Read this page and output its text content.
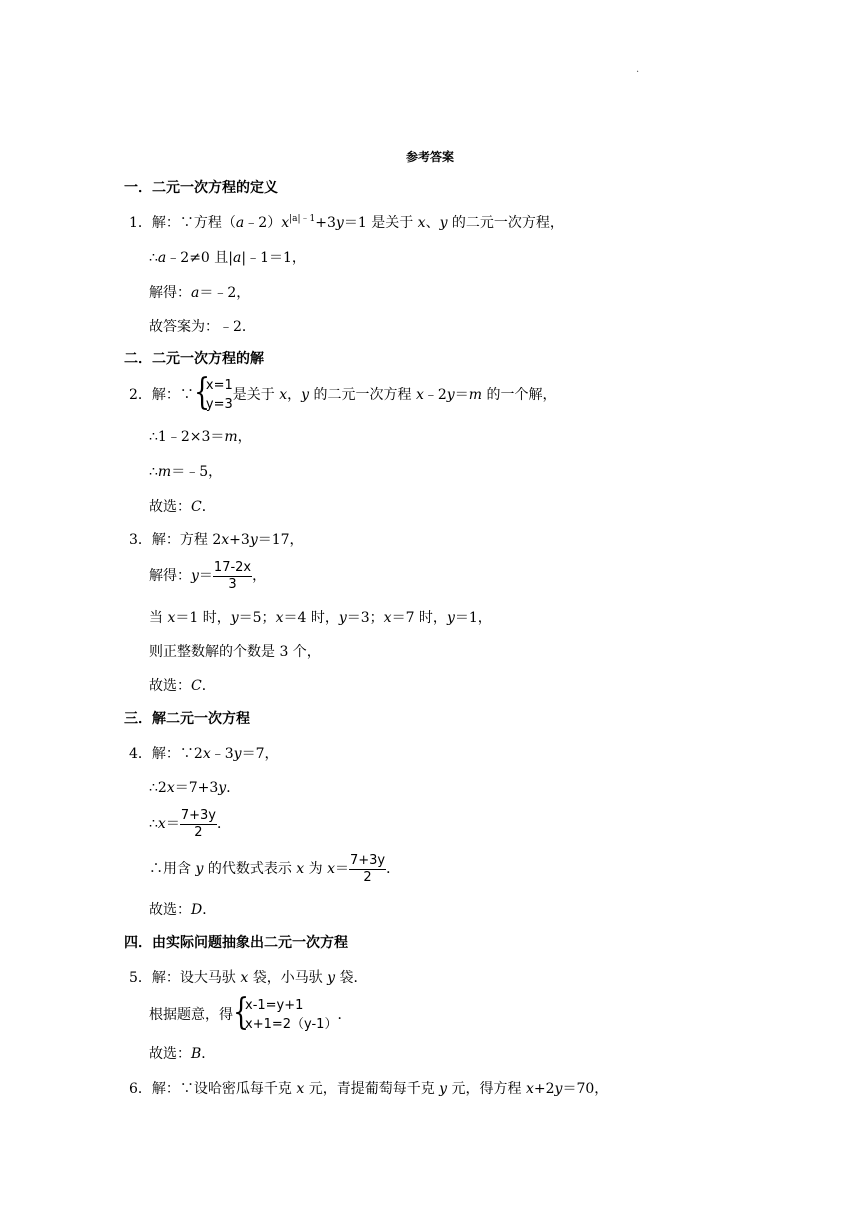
.
参考答案
一．二元一次方程的定义
1．解：∵方程$(a﹣2)x^{|a|﹣1}+3y=1$ 是关于 x、y 的二元一次方程，
∴a﹣2≠0 且|a|﹣1＝1，
解得：a＝﹣2，
故答案为：﹣2．
二．二元一次方程的解
2．解：∵ {
x=1
y=3
是关于 x，y 的二元一次方程 x﹣2y＝m 的一个解，
∴1﹣2×3＝m，
∴m＝﹣5，
故选：C．
3．解：方程 2x+3y＝17，
解得：$y= \frac{17-2x}{3}$ ，
当 x＝1 时，y＝5；x＝4 时，y＝3；x＝7 时，y＝1，
则正整数解的个数是 3 个，
故选：C．
三．解二元一次方程
4．解：∵2x﹣3y＝7，
∴2x＝7+3y．
∴x＝ $\frac{7+3y}{2}$ ．
∴用含 y 的代数式表示 x 为 $x= \frac{7+3y}{2}$ ．
故选：D．
四．由实际问题抽象出二元一次方程
5．解：设大马驮 x 袋，小马驮 y 袋．
根据题意，得 {
x-1=y+1
x+1=2（y-1）
．
故选：B．
6．解：∵设哈密瓜每千克 x 元，青提葡萄每千克 y 元，得方程 x+2y＝70，
